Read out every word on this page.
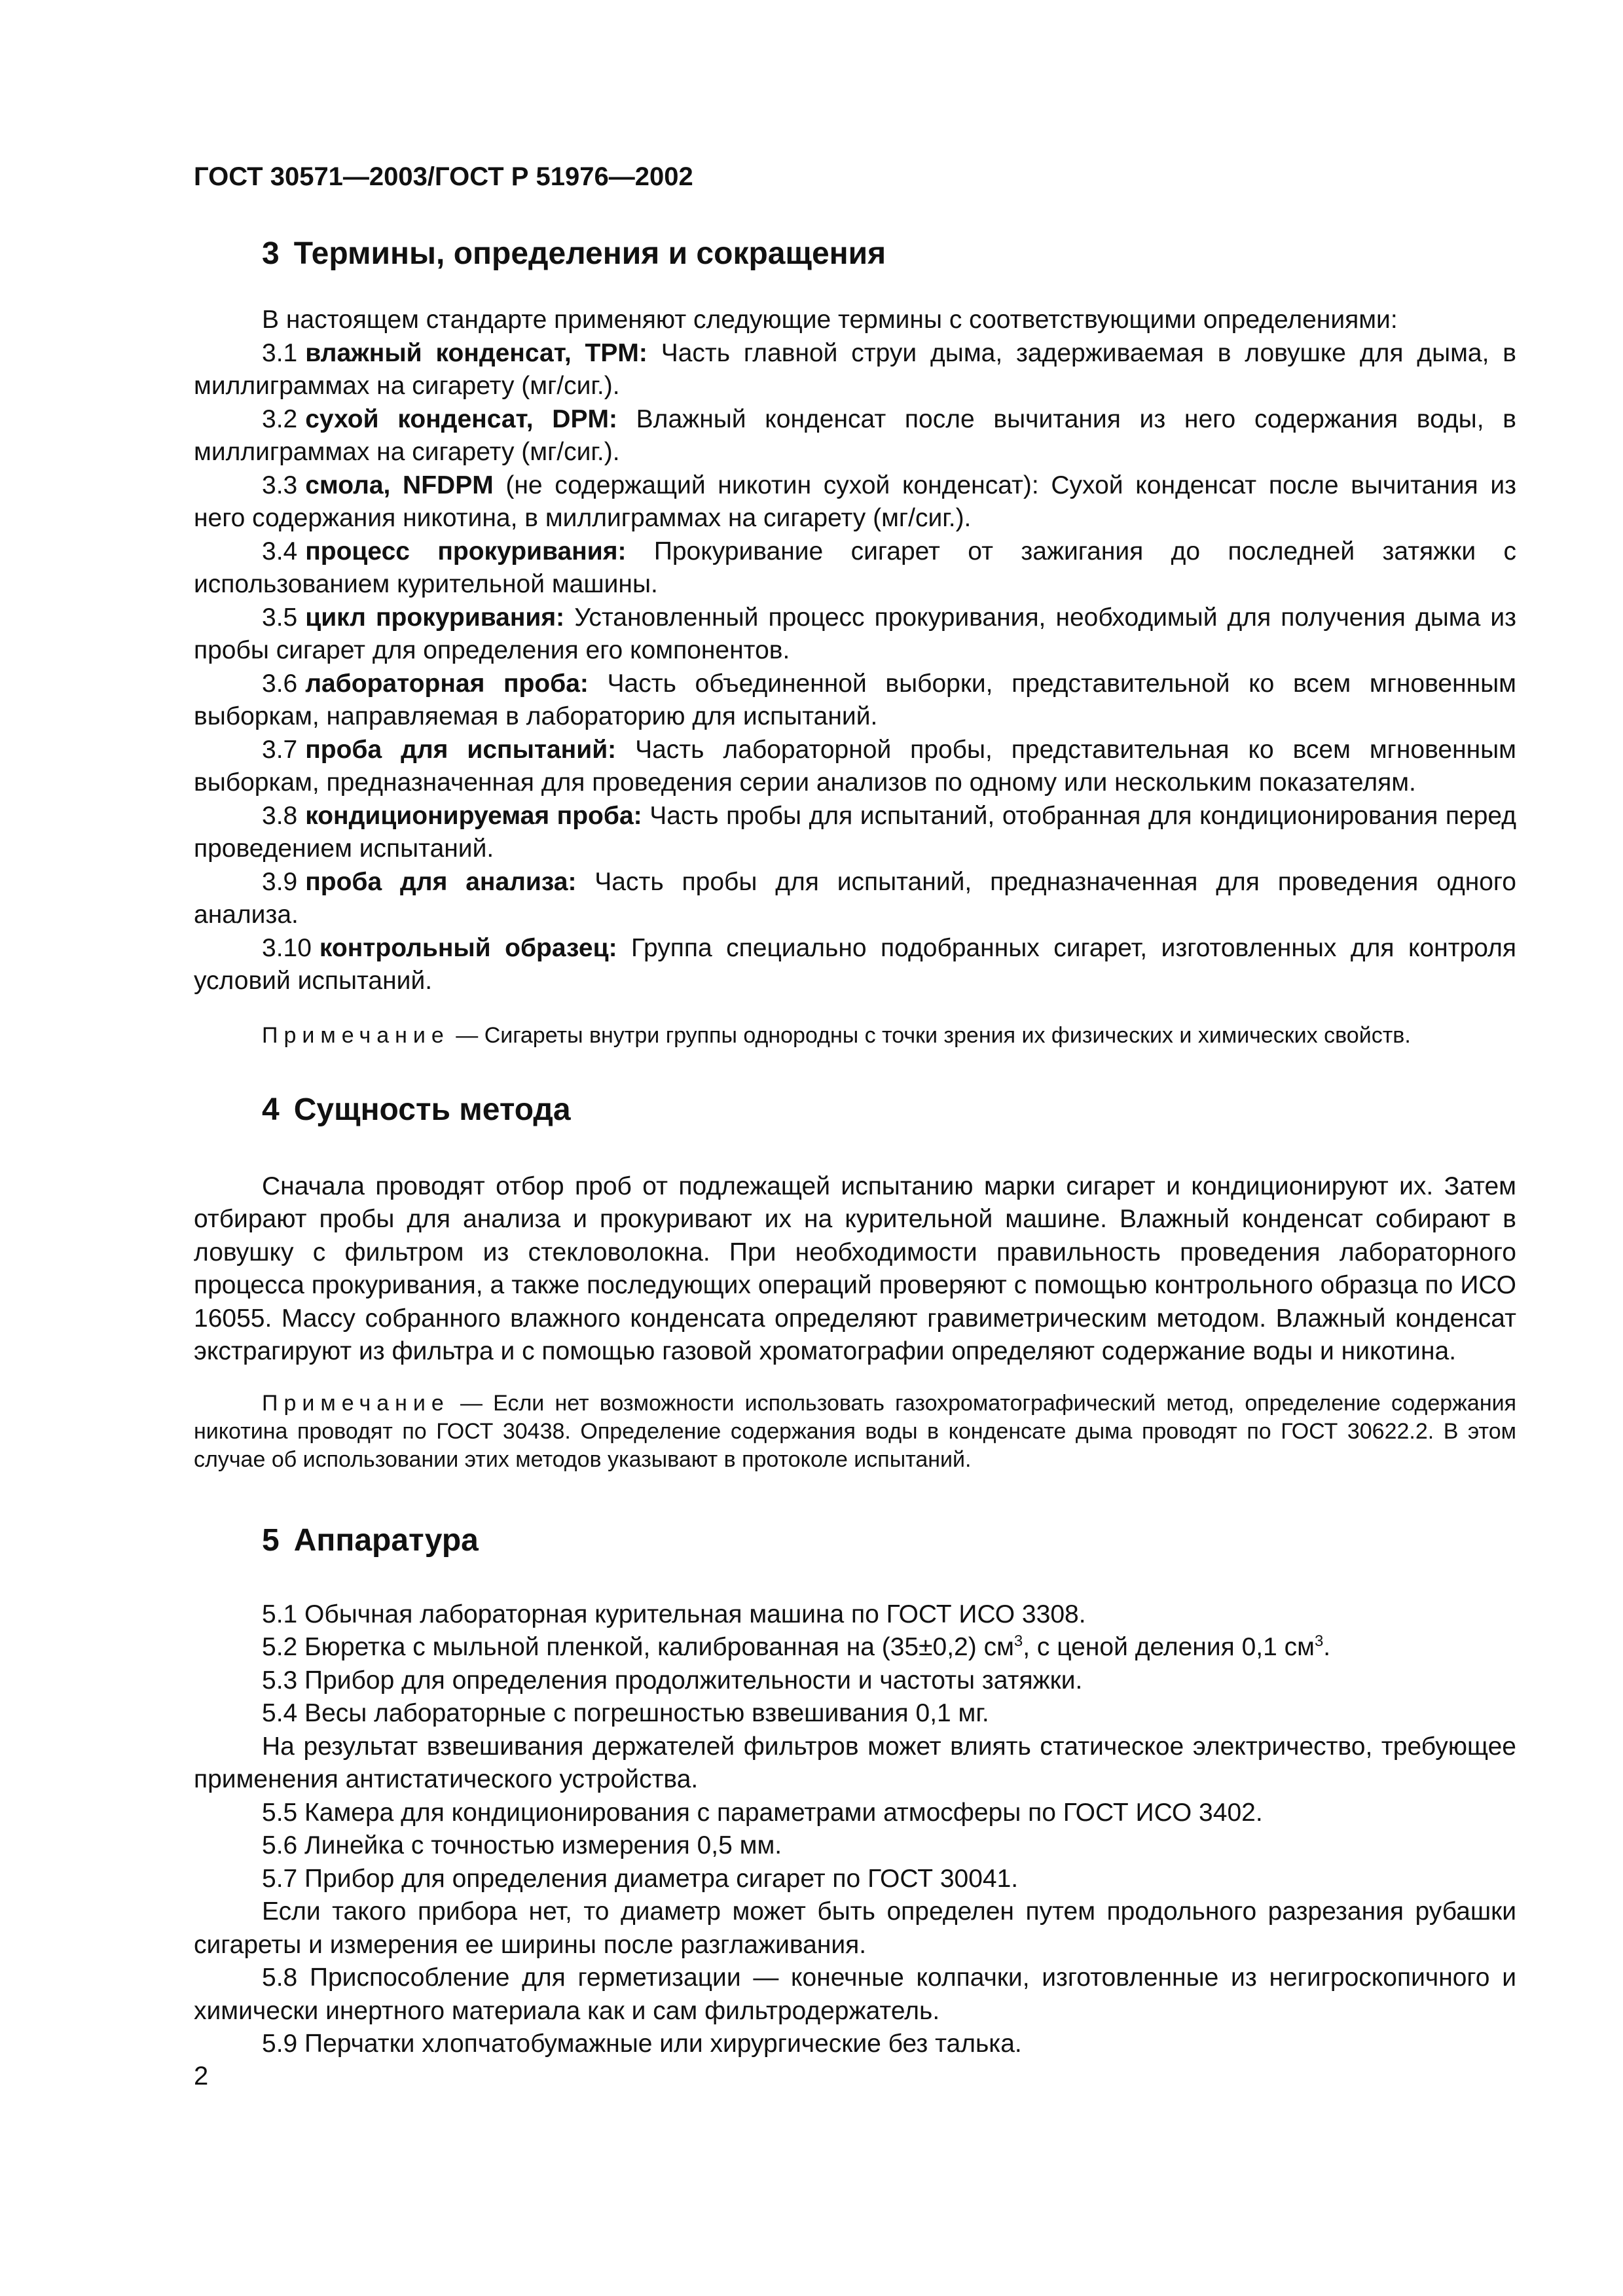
ГОСТ 30571—2003/ГОСТ Р 51976—2002
3 Термины, определения и сокращения

В настоящем стандарте применяют следующие термины с соответствующими определениями:

3.1 влажный конденсат, TPM: Часть главной струи дыма, задерживаемая в ловушке для дыма, в миллиграммах на сигарету (мг/сиг.).

3.2 сухой конденсат, DPM: Влажный конденсат после вычитания из него содержания воды, в миллиграммах на сигарету (мг/сиг.).

3.3 смола, NFDPM (не содержащий никотин сухой конденсат): Сухой конденсат после вычитания из него содержания никотина, в миллиграммах на сигарету (мг/сиг.).

3.4 процесс прокуривания: Прокуривание сигарет от зажигания до последней затяжки с использованием курительной машины.

3.5 цикл прокуривания: Установленный процесс прокуривания, необходимый для получения дыма из пробы сигарет для определения его компонентов.

3.6 лабораторная проба: Часть объединенной выборки, представительной ко всем мгновенным выборкам, направляемая в лабораторию для испытаний.

3.7 проба для испытаний: Часть лабораторной пробы, представительная ко всем мгновенным выборкам, предназначенная для проведения серии анализов по одному или нескольким показателям.

3.8 кондиционируемая проба: Часть пробы для испытаний, отобранная для кондиционирования перед проведением испытаний.

3.9 проба для анализа: Часть пробы для испытаний, предназначенная для проведения одного анализа.

3.10 контрольный образец: Группа специально подобранных сигарет, изготовленных для контроля условий испытаний.

Примечание — Сигареты внутри группы однородны с точки зрения их физических и химических свойств.

4 Сущность метода

Сначала проводят отбор проб от подлежащей испытанию марки сигарет и кондиционируют их. Затем отбирают пробы для анализа и прокуривают их на курительной машине. Влажный конденсат собирают в ловушку с фильтром из стекловолокна. При необходимости правильность проведения лабораторного процесса прокуривания, а также последующих операций проверяют с помощью контрольного образца по ИСО 16055. Массу собранного влажного конденсата определяют гравиметрическим методом. Влажный конденсат экстрагируют из фильтра и с помощью газовой хроматографии определяют содержание воды и никотина.

Примечание — Если нет возможности использовать газохроматографический метод, определение содержания никотина проводят по ГОСТ 30438. Определение содержания воды в конденсате дыма проводят по ГОСТ 30622.2. В этом случае об использовании этих методов указывают в протоколе испытаний.

5 Аппаратура

5.1 Обычная лабораторная курительная машина по ГОСТ ИСО 3308.

5.2 Бюретка с мыльной пленкой, калиброванная на (35±0,2) $см^3$, с ценой деления 0,1 $см^3$.

5.3 Прибор для определения продолжительности и частоты затяжки.

5.4 Весы лабораторные с погрешностью взвешивания 0,1 мг.

На результат взвешивания держателей фильтров может влиять статическое электричество, требующее применения антистатического устройства.

5.5 Камера для кондиционирования с параметрами атмосферы по ГОСТ ИСО 3402.

5.6 Линейка с точностью измерения 0,5 мм.

5.7 Прибор для определения диаметра сигарет по ГОСТ 30041.

Если такого прибора нет, то диаметр может быть определен путем продольного разрезания рубашки сигареты и измерения ее ширины после разглаживания.

5.8 Приспособление для герметизации — конечные колпачки, изготовленные из негигроскопичного и химически инертного материала как и сам фильтродержатель.

5.9 Перчатки хлопчатобумажные или хирургические без талька.

2
